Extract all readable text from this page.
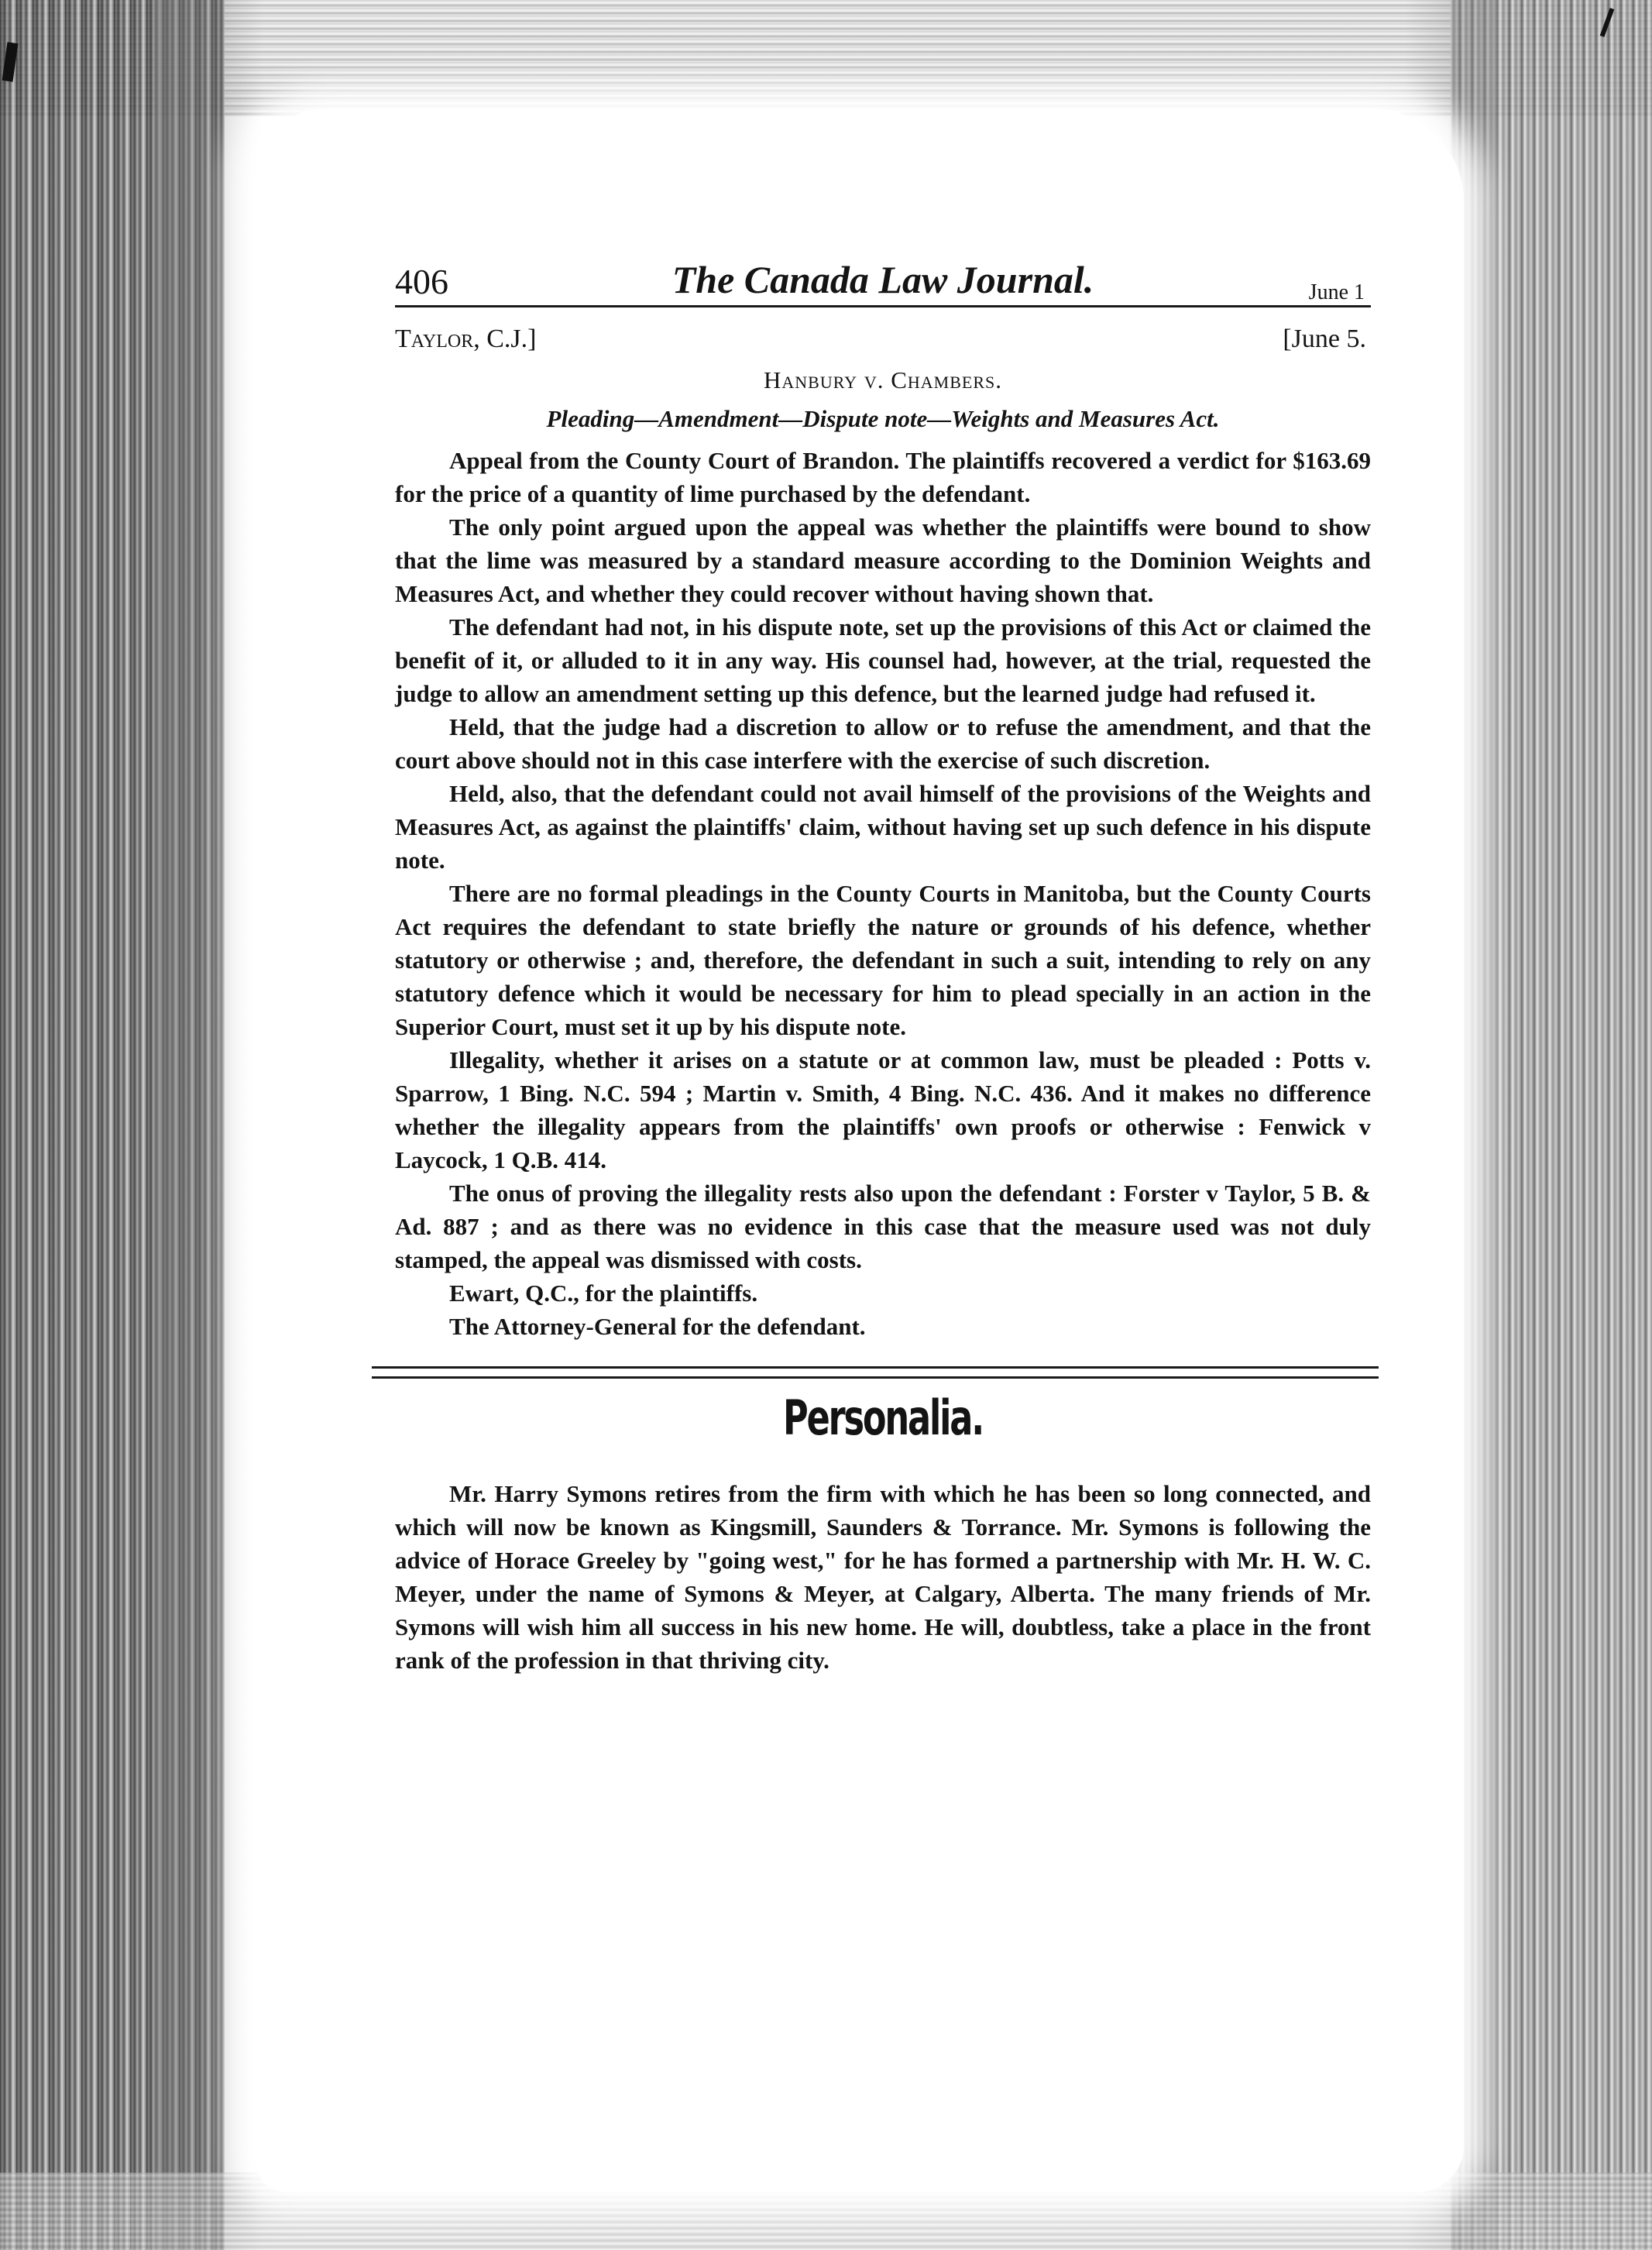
406	The Canada Law Journal.	June 1
Taylor, C.J.]	[June 5.
Hanbury v. Chambers.
Pleading—Amendment—Dispute note—Weights and Measures Act.

Appeal from the County Court of Brandon. The plaintiffs recovered a verdict for $163.69 for the price of a quantity of lime purchased by the defendant.

The only point argued upon the appeal was whether the plaintiffs were bound to show that the lime was measured by a standard measure according to the Dominion Weights and Measures Act, and whether they could recover without having shown that.

The defendant had not, in his dispute note, set up the provisions of this Act or claimed the benefit of it, or alluded to it in any way. His counsel had, however, at the trial, requested the judge to allow an amendment setting up this defence, but the learned judge had refused it.

Held, that the judge had a discretion to allow or to refuse the amendment, and that the court above should not in this case interfere with the exercise of such discretion.

Held, also, that the defendant could not avail himself of the provisions of the Weights and Measures Act, as against the plaintiffs' claim, without having set up such defence in his dispute note.

There are no formal pleadings in the County Courts in Manitoba, but the County Courts Act requires the defendant to state briefly the nature or grounds of his defence, whether statutory or otherwise ; and, therefore, the defendant in such a suit, intending to rely on any statutory defence which it would be necessary for him to plead specially in an action in the Superior Court, must set it up by his dispute note.

Illegality, whether it arises on a statute or at common law, must be pleaded : Potts v. Sparrow, 1 Bing. N.C. 594 ; Martin v. Smith, 4 Bing. N.C. 436. And it makes no difference whether the illegality appears from the plaintiffs' own proofs or otherwise : Fenwick v Laycock, 1 Q.B. 414.

The onus of proving the illegality rests also upon the defendant : Forster v Taylor, 5 B. & Ad. 887 ; and as there was no evidence in this case that the measure used was not duly stamped, the appeal was dismissed with costs.

Ewart, Q.C., for the plaintiffs.

The Attorney-General for the defendant.

Personalia.

Mr. Harry Symons retires from the firm with which he has been so long connected, and which will now be known as Kingsmill, Saunders & Torrance. Mr. Symons is following the advice of Horace Greeley by "going west," for he has formed a partnership with Mr. H. W. C. Meyer, under the name of Symons & Meyer, at Calgary, Alberta. The many friends of Mr. Symons will wish him all success in his new home. He will, doubtless, take a place in the front rank of the profession in that thriving city.
